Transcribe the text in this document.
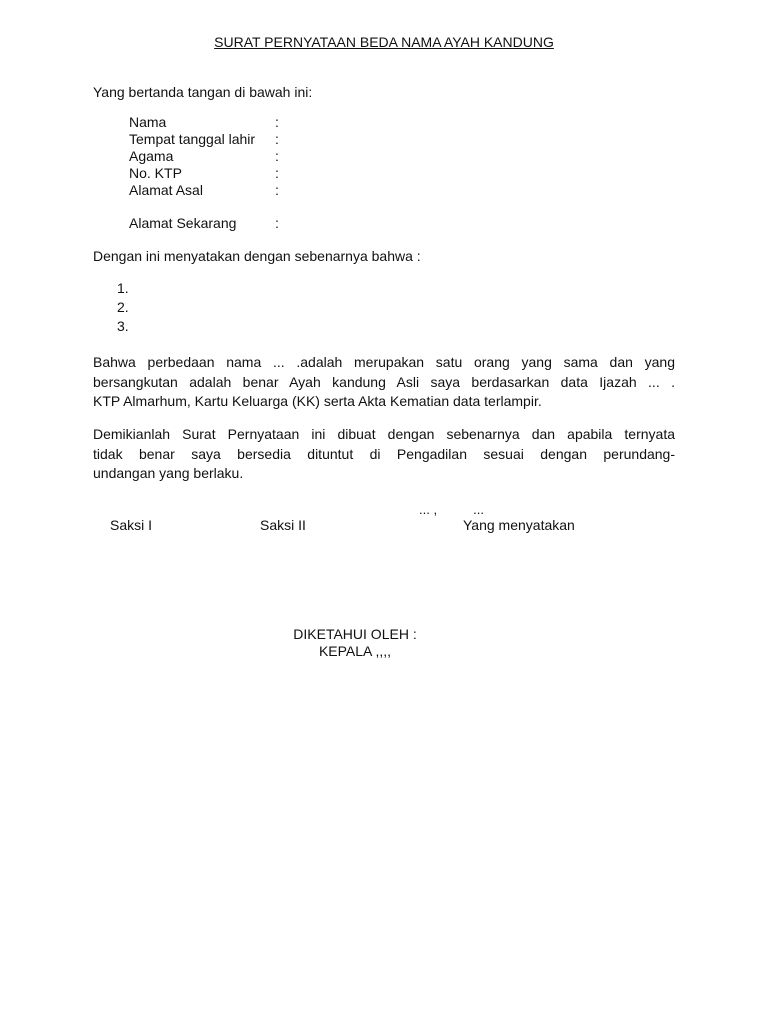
SURAT PERNYATAAN BEDA NAMA AYAH KANDUNG
Yang bertanda tangan di bawah ini:
Nama	:
Tempat tanggal lahir :
Agama	:
No. KTP	:
Alamat Asal	:
Alamat Sekarang	:
Dengan ini menyatakan dengan sebenarnya bahwa :
1.
2.
3.
Bahwa perbedaan nama ... .adalah merupakan satu orang yang sama dan yang
bersangkutan adalah benar Ayah kandung Asli saya berdasarkan data Ijazah ... .
KTP Almarhum, Kartu Keluarga (KK) serta Akta Kematian data terlampir.
Demikianlah Surat Pernyataan ini dibuat dengan sebenarnya dan apabila ternyata
tidak benar saya bersedia dituntut di Pengadilan sesuai dengan perundang-
undangan yang berlaku.
... ,          ...
Saksi I	Saksi II	Yang menyatakan
DIKETAHUI OLEH :
KEPALA ,,,,
